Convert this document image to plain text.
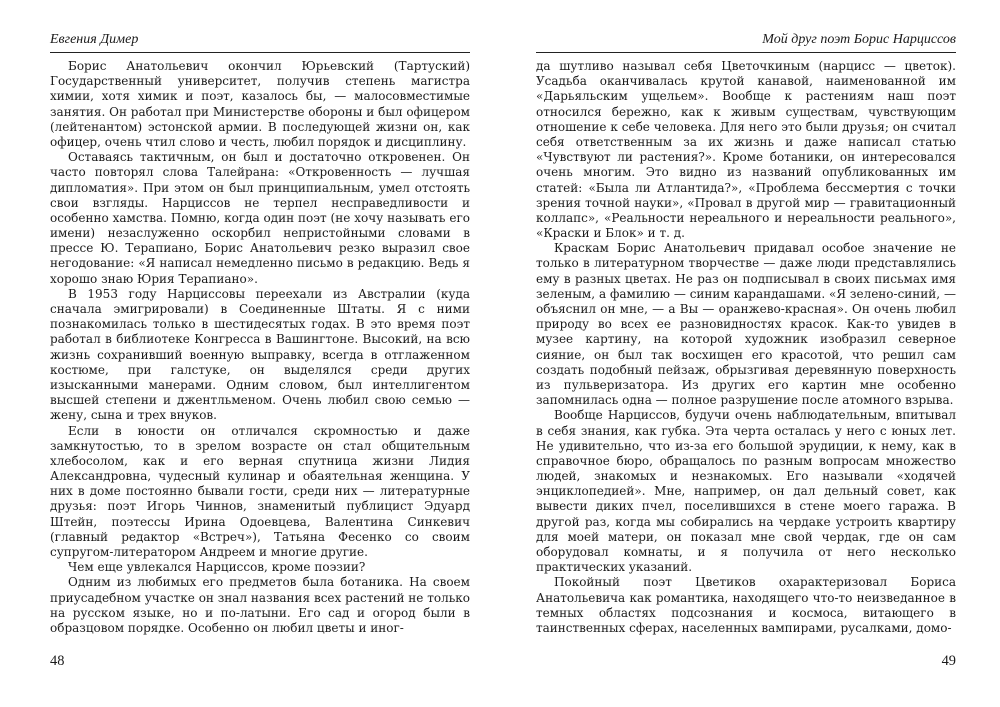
Евгения Димер

Борис Анатольевич окончил Юрьевский (Тартуский) Государственный университет, получив степень магистра химии, хотя химик и поэт, казалось бы, — малосовместимые занятия. Он работал при Министерстве обороны и был офицером (лейтенантом) эстонской армии. В последующей жизни он, как офицер, очень чтил слово и честь, любил порядок и дисциплину.

Оставаясь тактичным, он был и достаточно откровенен. Он часто повторял слова Талейрана: «Откровенность — лучшая дипломатия». При этом он был принципиальным, умел отстоять свои взгляды. Нарциссов не терпел несправедливости и особенно хамства. Помню, когда один поэт (не хочу называть его имени) незаслуженно оскорбил непристойными словами в прессе Ю. Терапиано, Борис Анатольевич резко выразил свое негодование: «Я написал немедленно письмо в редакцию. Ведь я хорошо знаю Юрия Терапиано».

В 1953 году Нарциссовы переехали из Австралии (куда сначала эмигрировали) в Соединенные Штаты. Я с ними познакомилась только в шестидесятых годах. В это время поэт работал в библиотеке Конгресса в Вашингтоне. Высокий, на всю жизнь сохранивший военную выправку, всегда в отглаженном костюме, при галстуке, он выделялся среди других изысканными манерами. Одним словом, был интеллигентом высшей степени и джентльменом. Очень любил свою семью — жену, сына и трех внуков.

Если в юности он отличался скромностью и даже замкнутостью, то в зрелом возрасте он стал общительным хлебосолом, как и его верная спутница жизни Лидия Александровна, чудесный кулинар и обаятельная женщина. У них в доме постоянно бывали гости, среди них — литературные друзья: поэт Игорь Чиннов, знаменитый публицист Эдуард Штейн, поэтессы Ирина Одоевцева, Валентина Синкевич (главный редактор «Встреч»), Татьяна Фесенко со своим супругом-литератором Андреем и многие другие.

Чем еще увлекался Нарциссов, кроме поэзии?

Одним из любимых его предметов была ботаника. На своем приусадебном участке он знал названия всех растений не только на русском языке, но и по-латыни. Его сад и огород были в образцовом порядке. Особенно он любил цветы и иног-

48
Мой друг поэт Борис Нарциссов

да шутливо называл себя Цветочкиным (нарцисс — цветок). Усадьба оканчивалась крутой канавой, наименованной им «Дарьяльским ущельем». Вообще к растениям наш поэт относился бережно, как к живым существам, чувствующим отношение к себе человека. Для него это были друзья; он считал себя ответственным за их жизнь и даже написал статью «Чувствуют ли растения?». Кроме ботаники, он интересовался очень многим. Это видно из названий опубликованных им статей: «Была ли Атлантида?», «Проблема бессмертия с точки зрения точной науки», «Провал в другой мир — гравитационный коллапс», «Реальности нереального и нереальности реального», «Краски и Блок» и т. д.

Краскам Борис Анатольевич придавал особое значение не только в литературном творчестве — даже люди представлялись ему в разных цветах. Не раз он подписывал в своих письмах имя зеленым, а фамилию — синим карандашами. «Я зелено-синий, — объяснил он мне, — а Вы — оранжево-красная». Он очень любил природу во всех ее разновидностях красок. Как-то увидев в музее картину, на которой художник изобразил северное сияние, он был так восхищен его красотой, что решил сам создать подобный пейзаж, обрызгивая деревянную поверхность из пульверизатора. Из других его картин мне особенно запомнилась одна — полное разрушение после атомного взрыва.

Вообще Нарциссов, будучи очень наблюдательным, впитывал в себя знания, как губка. Эта черта осталась у него с юных лет. Не удивительно, что из-за его большой эрудиции, к нему, как в справочное бюро, обращалось по разным вопросам множество людей, знакомых и незнакомых. Его называли «ходячей энциклопедией». Мне, например, он дал дельный совет, как вывести диких пчел, поселившихся в стене моего гаража. В другой раз, когда мы собирались на чердаке устроить квартиру для моей матери, он показал мне свой чердак, где он сам оборудовал комнаты, и я получила от него несколько практических указаний.

Покойный поэт Цветиков охарактеризовал Бориса Анатольевича как романтика, находящего что-то неизведанное в темных областях подсознания и космоса, витающего в таинственных сферах, населенных вампирами, русалками, домо-

49
